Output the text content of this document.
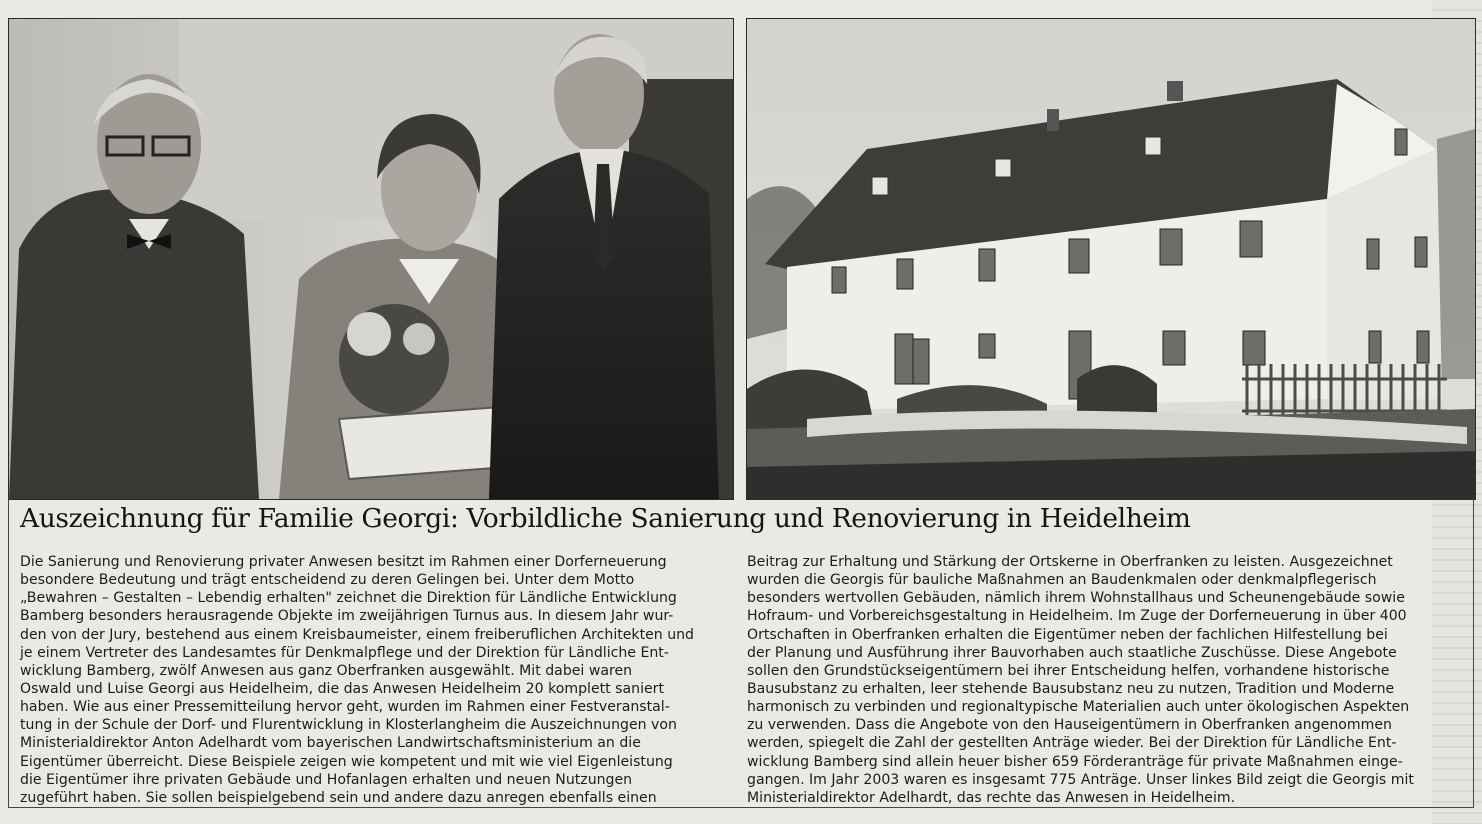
Auszeichnung für Familie Georgi: Vorbildliche Sanierung und Renovierung in Heidelheim
Die Sanierung und Renovierung privater Anwesen besitzt im Rahmen einer Dorferneuerung
besondere Bedeutung und trägt entscheidend zu deren Gelingen bei. Unter dem Motto
„Bewahren – Gestalten – Lebendig erhalten" zeichnet die Direktion für Ländliche Entwicklung
Bamberg besonders herausragende Objekte im zweijährigen Turnus aus. In diesem Jahr wur-
den von der Jury, bestehend aus einem Kreisbaumeister, einem freiberuflichen Architekten und
je einem Vertreter des Landesamtes für Denkmalpflege und der Direktion für Ländliche Ent-
wicklung Bamberg, zwölf Anwesen aus ganz Oberfranken ausgewählt. Mit dabei waren
Oswald und Luise Georgi aus Heidelheim, die das Anwesen Heidelheim 20 komplett saniert
haben. Wie aus einer Pressemitteilung hervor geht, wurden im Rahmen einer Festveranstal-
tung in der Schule der Dorf- und Flurentwicklung in Klosterlangheim die Auszeichnungen von
Ministerialdirektor Anton Adelhardt vom bayerischen Landwirtschaftsministerium an die
Eigentümer überreicht. Diese Beispiele zeigen wie kompetent und mit wie viel Eigenleistung
die Eigentümer ihre privaten Gebäude und Hofanlagen erhalten und neuen Nutzungen
zugeführt haben. Sie sollen beispielgebend sein und andere dazu anregen ebenfalls einen
Beitrag zur Erhaltung und Stärkung der Ortskerne in Oberfranken zu leisten. Ausgezeichnet
wurden die Georgis für bauliche Maßnahmen an Baudenkmalen oder denkmalpflegerisch
besonders wertvollen Gebäuden, nämlich ihrem Wohnstallhaus und Scheunengebäude sowie
Hofraum- und Vorbereichsgestaltung in Heidelheim. Im Zuge der Dorferneuerung in über 400
Ortschaften in Oberfranken erhalten die Eigentümer neben der fachlichen Hilfestellung bei
der Planung und Ausführung ihrer Bauvorhaben auch staatliche Zuschüsse. Diese Angebote
sollen den Grundstückseigentümern bei ihrer Entscheidung helfen, vorhandene historische
Bausubstanz zu erhalten, leer stehende Bausubstanz neu zu nutzen, Tradition und Moderne
harmonisch zu verbinden und regionaltypische Materialien auch unter ökologischen Aspekten
zu verwenden. Dass die Angebote von den Hauseigentümern in Oberfranken angenommen
werden, spiegelt die Zahl der gestellten Anträge wieder. Bei der Direktion für Ländliche Ent-
wicklung Bamberg sind allein heuer bisher 659 Förderanträge für private Maßnahmen einge-
gangen. Im Jahr 2003 waren es insgesamt 775 Anträge. Unser linkes Bild zeigt die Georgis mit
Ministerialdirektor Adelhardt, das rechte das Anwesen in Heidelheim.
